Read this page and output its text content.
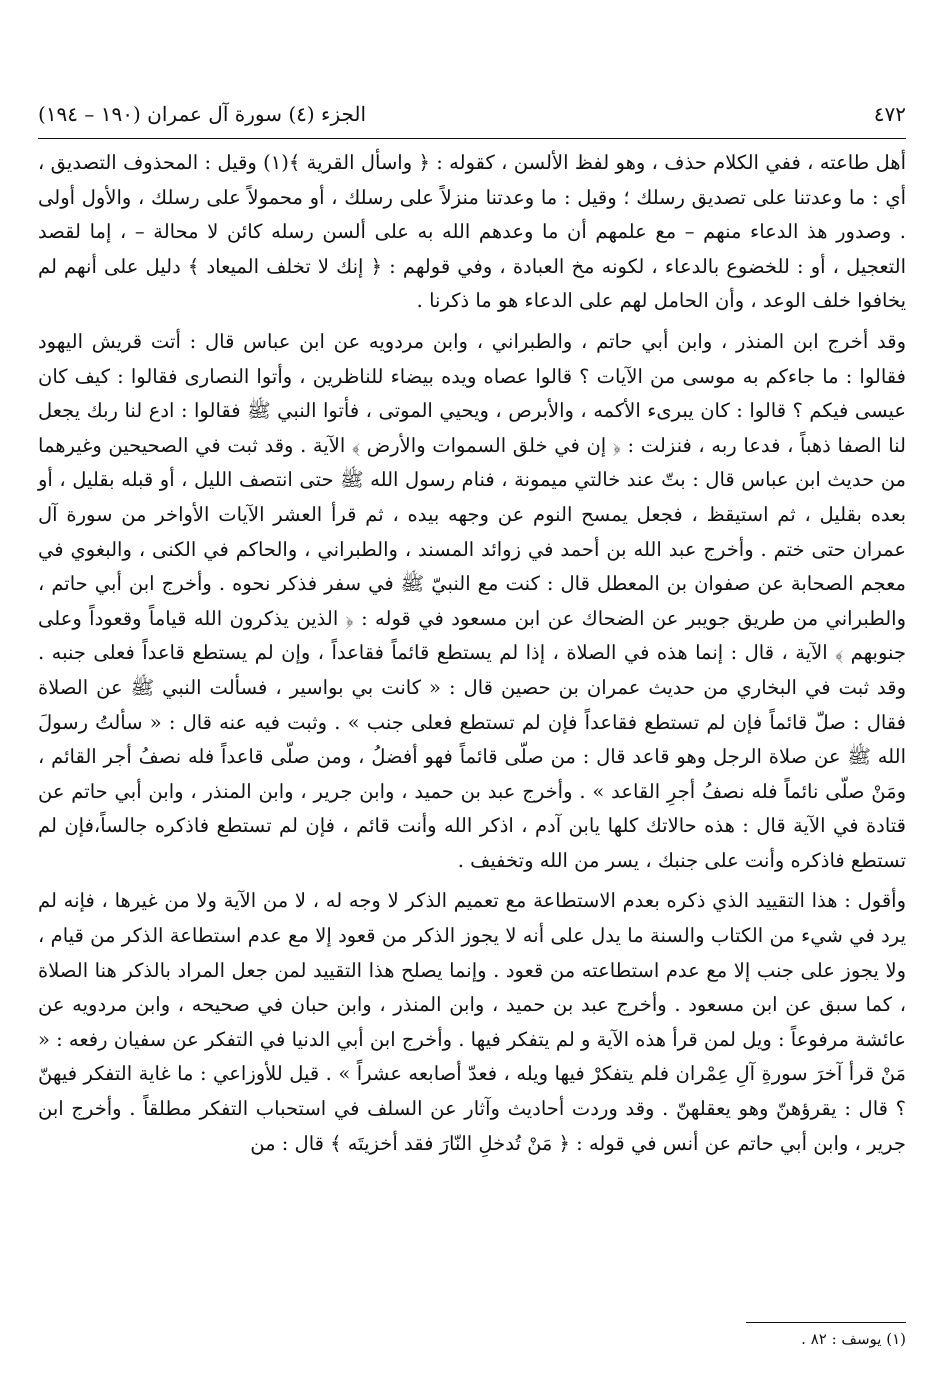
٤٧٢
الجزء (٤) سورة آل عمران (١٩٠ – ١٩٤)

أهل طاعته ، ففي الكلام حذف ، وهو لفظ الألسن ، كقوله : ﴿ واسأل القرية ﴾(١) وقيل : المحذوف التصديق ، أي : ما وعدتنا على تصديق رسلك ؛ وقيل : ما وعدتنا منزلاً على رسلك ، أو محمولاً على رسلك ، والأول أولى . وصدور هذ الدعاء منهم – مع علمهم أن ما وعدهم الله به على ألسن رسله كائن لا محالة – ، إما لقصد التعجيل ، أو : للخضوع بالدعاء ، لكونه مخ العبادة ، وفي قولهم : ﴿ إنك لا تخلف الميعاد ﴾ دليل على أنهم لم يخافوا خلف الوعد ، وأن الحامل لهم على الدعاء هو ما ذكرنا .

وقد أخرج ابن المنذر ، وابن أبي حاتم ، والطبراني ، وابن مردويه عن ابن عباس قال : أتت قريش اليهود فقالوا : ما جاءكم به موسى من الآيات ؟ قالوا عصاه ويده بيضاء للناظرين ، وأتوا النصارى فقالوا : كيف كان عيسى فيكم ؟ قالوا : كان يبرىء الأكمه ، والأبرص ، ويحيي الموتى ، فأتوا النبي ﷺ فقالوا : ادع لنا ربك يجعل لنا الصفا ذهباً ، فدعا ربه ، فنزلت : ﴿ إن في خلق السموات والأرض ﴾ الآية . وقد ثبت في الصحيحين وغيرهما من حديث ابن عباس قال : بتّ عند خالتي ميمونة ، فنام رسول الله ﷺ حتى انتصف الليل ، أو قبله بقليل ، أو بعده بقليل ، ثم استيقظ ، فجعل يمسح النوم عن وجهه بيده ، ثم قرأ العشر الآيات الأواخر من سورة آل عمران حتى ختم . وأخرج عبد الله بن أحمد في زوائد المسند ، والطبراني ، والحاكم في الكنى ، والبغوي في معجم الصحابة عن صفوان بن المعطل قال : كنت مع النبيّ ﷺ في سفر فذكر نحوه . وأخرج ابن أبي حاتم ، والطبراني من طريق جويبر عن الضحاك عن ابن مسعود في قوله : ﴿ الذين يذكرون الله قياماً وقعوداً وعلى جنوبهم ﴾ الآية ، قال : إنما هذه في الصلاة ، إذا لم يستطع قائماً فقاعداً ، وإن لم يستطع قاعداً فعلى جنبه . وقد ثبت في البخاري من حديث عمران بن حصين قال : « كانت بي بواسير ، فسألت النبي ﷺ عن الصلاة فقال : صلّ قائماً فإن لم تستطع فقاعداً فإن لم تستطع فعلى جنب » . وثبت فيه عنه قال : « سألتُ رسولَ الله ﷺ عن صلاة الرجل وهو قاعد قال : من صلّى قائماً فهو أفضلُ ، ومن صلّى قاعداً فله نصفُ أجر القائم ، ومَنْ صلّى نائماً فله نصفُ أجرِ القاعد » . وأخرج عبد بن حميد ، وابن جرير ، وابن المنذر ، وابن أبي حاتم عن قتادة في الآية قال : هذه حالاتك كلها يابن آدم ، اذكر الله وأنت قائم ، فإن لم تستطع فاذكره جالساً،فإن لم تستطع فاذكره وأنت على جنبك ، يسر من الله وتخفيف .

وأقول : هذا التقييد الذي ذكره بعدم الاستطاعة مع تعميم الذكر لا وجه له ، لا من الآية ولا من غيرها ، فإنه لم يرد في شيء من الكتاب والسنة ما يدل على أنه لا يجوز الذكر من قعود إلا مع عدم استطاعة الذكر من قيام ، ولا يجوز على جنب إلا مع عدم استطاعته من قعود . وإنما يصلح هذا التقييد لمن جعل المراد بالذكر هنا الصلاة ، كما سبق عن ابن مسعود . وأخرج عبد بن حميد ، وابن المنذر ، وابن حبان في صحيحه ، وابن مردويه عن عائشة مرفوعاً : ويل لمن قرأ هذه الآية و لم يتفكر فيها . وأخرج ابن أبي الدنيا في التفكر عن سفيان رفعه : « مَنْ قرأ آخرَ سورةِ آلِ عِمْران فلم يتفكرْ فيها ويله ، فعدّ أصابعه عشراً » . قيل للأوزاعي : ما غاية التفكر فيهنّ ؟ قال : يقرؤهنّ وهو يعقلهنّ . وقد وردت أحاديث وآثار عن السلف في استحباب التفكر مطلقاً . وأخرج ابن جرير ، وابن أبي حاتم عن أنس في قوله : ﴿ مَنْ تُدخلِ النّارَ فقد أخزيتَه ﴾ قال : من

(١) يوسف : ٨٢ .
